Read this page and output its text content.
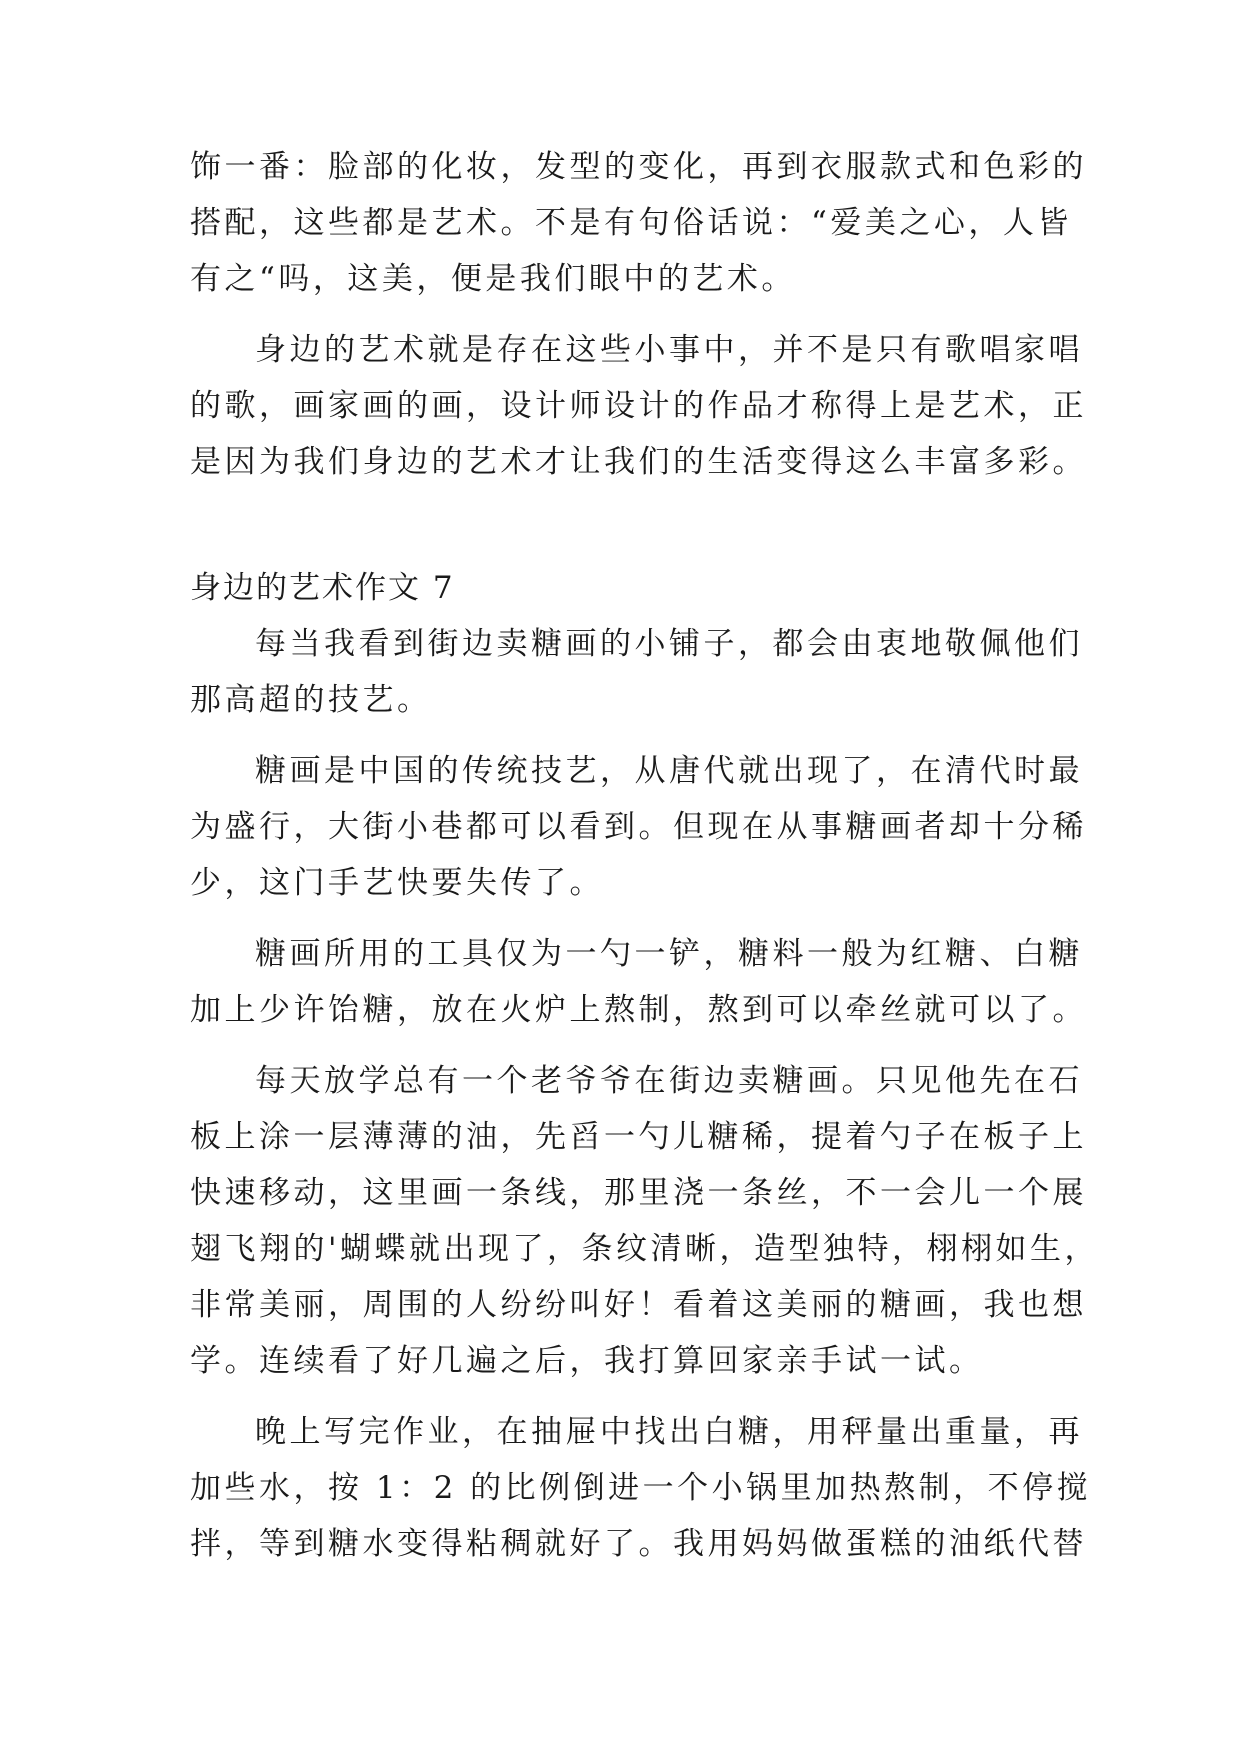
饰一番：脸部的化妆，发型的变化，再到衣服款式和色彩的
搭配，这些都是艺术。不是有句俗话说：“爱美之心，人皆
有之“吗，这美，便是我们眼中的艺术。
身边的艺术就是存在这些小事中，并不是只有歌唱家唱
的歌，画家画的画，设计师设计的作品才称得上是艺术，正
是因为我们身边的艺术才让我们的生活变得这么丰富多彩。
身边的艺术作文 7
每当我看到街边卖糖画的小铺子，都会由衷地敬佩他们
那高超的技艺。
糖画是中国的传统技艺，从唐代就出现了，在清代时最
为盛行，大街小巷都可以看到。但现在从事糖画者却十分稀
少，这门手艺快要失传了。
糖画所用的工具仅为一勺一铲，糖料一般为红糖、白糖
加上少许饴糖，放在火炉上熬制，熬到可以牵丝就可以了。
每天放学总有一个老爷爷在街边卖糖画。只见他先在石
板上涂一层薄薄的油，先舀一勺儿糖稀，提着勺子在板子上
快速移动，这里画一条线，那里浇一条丝，不一会儿一个展
翅飞翔的'蝴蝶就出现了，条纹清晰，造型独特，栩栩如生，
非常美丽，周围的人纷纷叫好！看着这美丽的糖画，我也想
学。连续看了好几遍之后，我打算回家亲手试一试。
晚上写完作业，在抽屉中找出白糖，用秤量出重量，再
加些水，按 1：2 的比例倒进一个小锅里加热熬制，不停搅
拌，等到糖水变得粘稠就好了。我用妈妈做蛋糕的油纸代替
